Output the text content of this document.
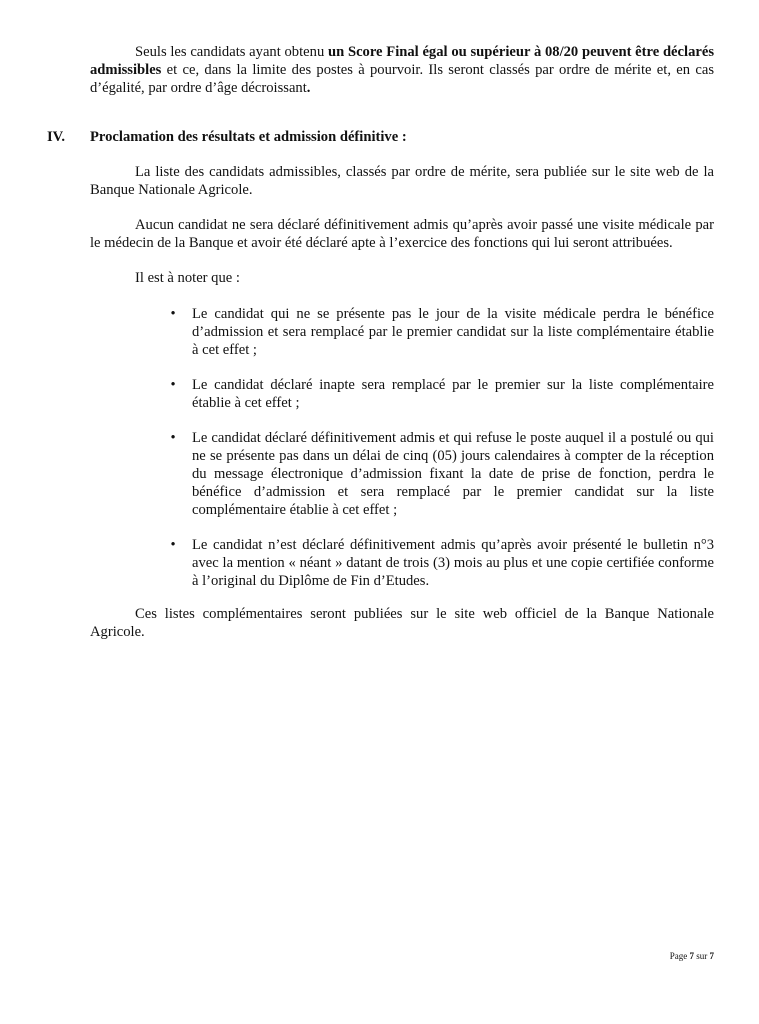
Seuls les candidats ayant obtenu un Score Final égal ou supérieur à 08/20 peuvent être déclarés admissibles et ce, dans la limite des postes à pourvoir. Ils seront classés par ordre de mérite et, en cas d’égalité, par ordre d’âge décroissant.

IV. Proclamation des résultats et admission définitive :

La liste des candidats admissibles, classés par ordre de mérite, sera publiée sur le site web de la Banque Nationale Agricole.

Aucun candidat ne sera déclaré définitivement admis qu’après avoir passé une visite médicale par le médecin de la Banque et avoir été déclaré apte à l’exercice des fonctions qui lui seront attribuées.

Il est à noter que :

• Le candidat qui ne se présente pas le jour de la visite médicale perdra le bénéfice d’admission et sera remplacé par le premier candidat sur la liste complémentaire établie à cet effet ;

• Le candidat déclaré inapte sera remplacé par le premier sur la liste complémentaire établie à cet effet ;

• Le candidat déclaré définitivement admis et qui refuse le poste auquel il a postulé ou qui ne se présente pas dans un délai de cinq (05) jours calendaires à compter de la réception du message électronique d’admission fixant la date de prise de fonction, perdra le bénéfice d’admission et sera remplacé par le premier candidat sur la liste complémentaire établie à cet effet ;

• Le candidat n’est déclaré définitivement admis qu’après avoir présenté le bulletin n°3 avec la mention « néant » datant de trois (3) mois au plus et une copie certifiée conforme à l’original du Diplôme de Fin d’Etudes.

Ces listes complémentaires seront publiées sur le site web officiel de la Banque Nationale Agricole.

Page 7 sur 7
